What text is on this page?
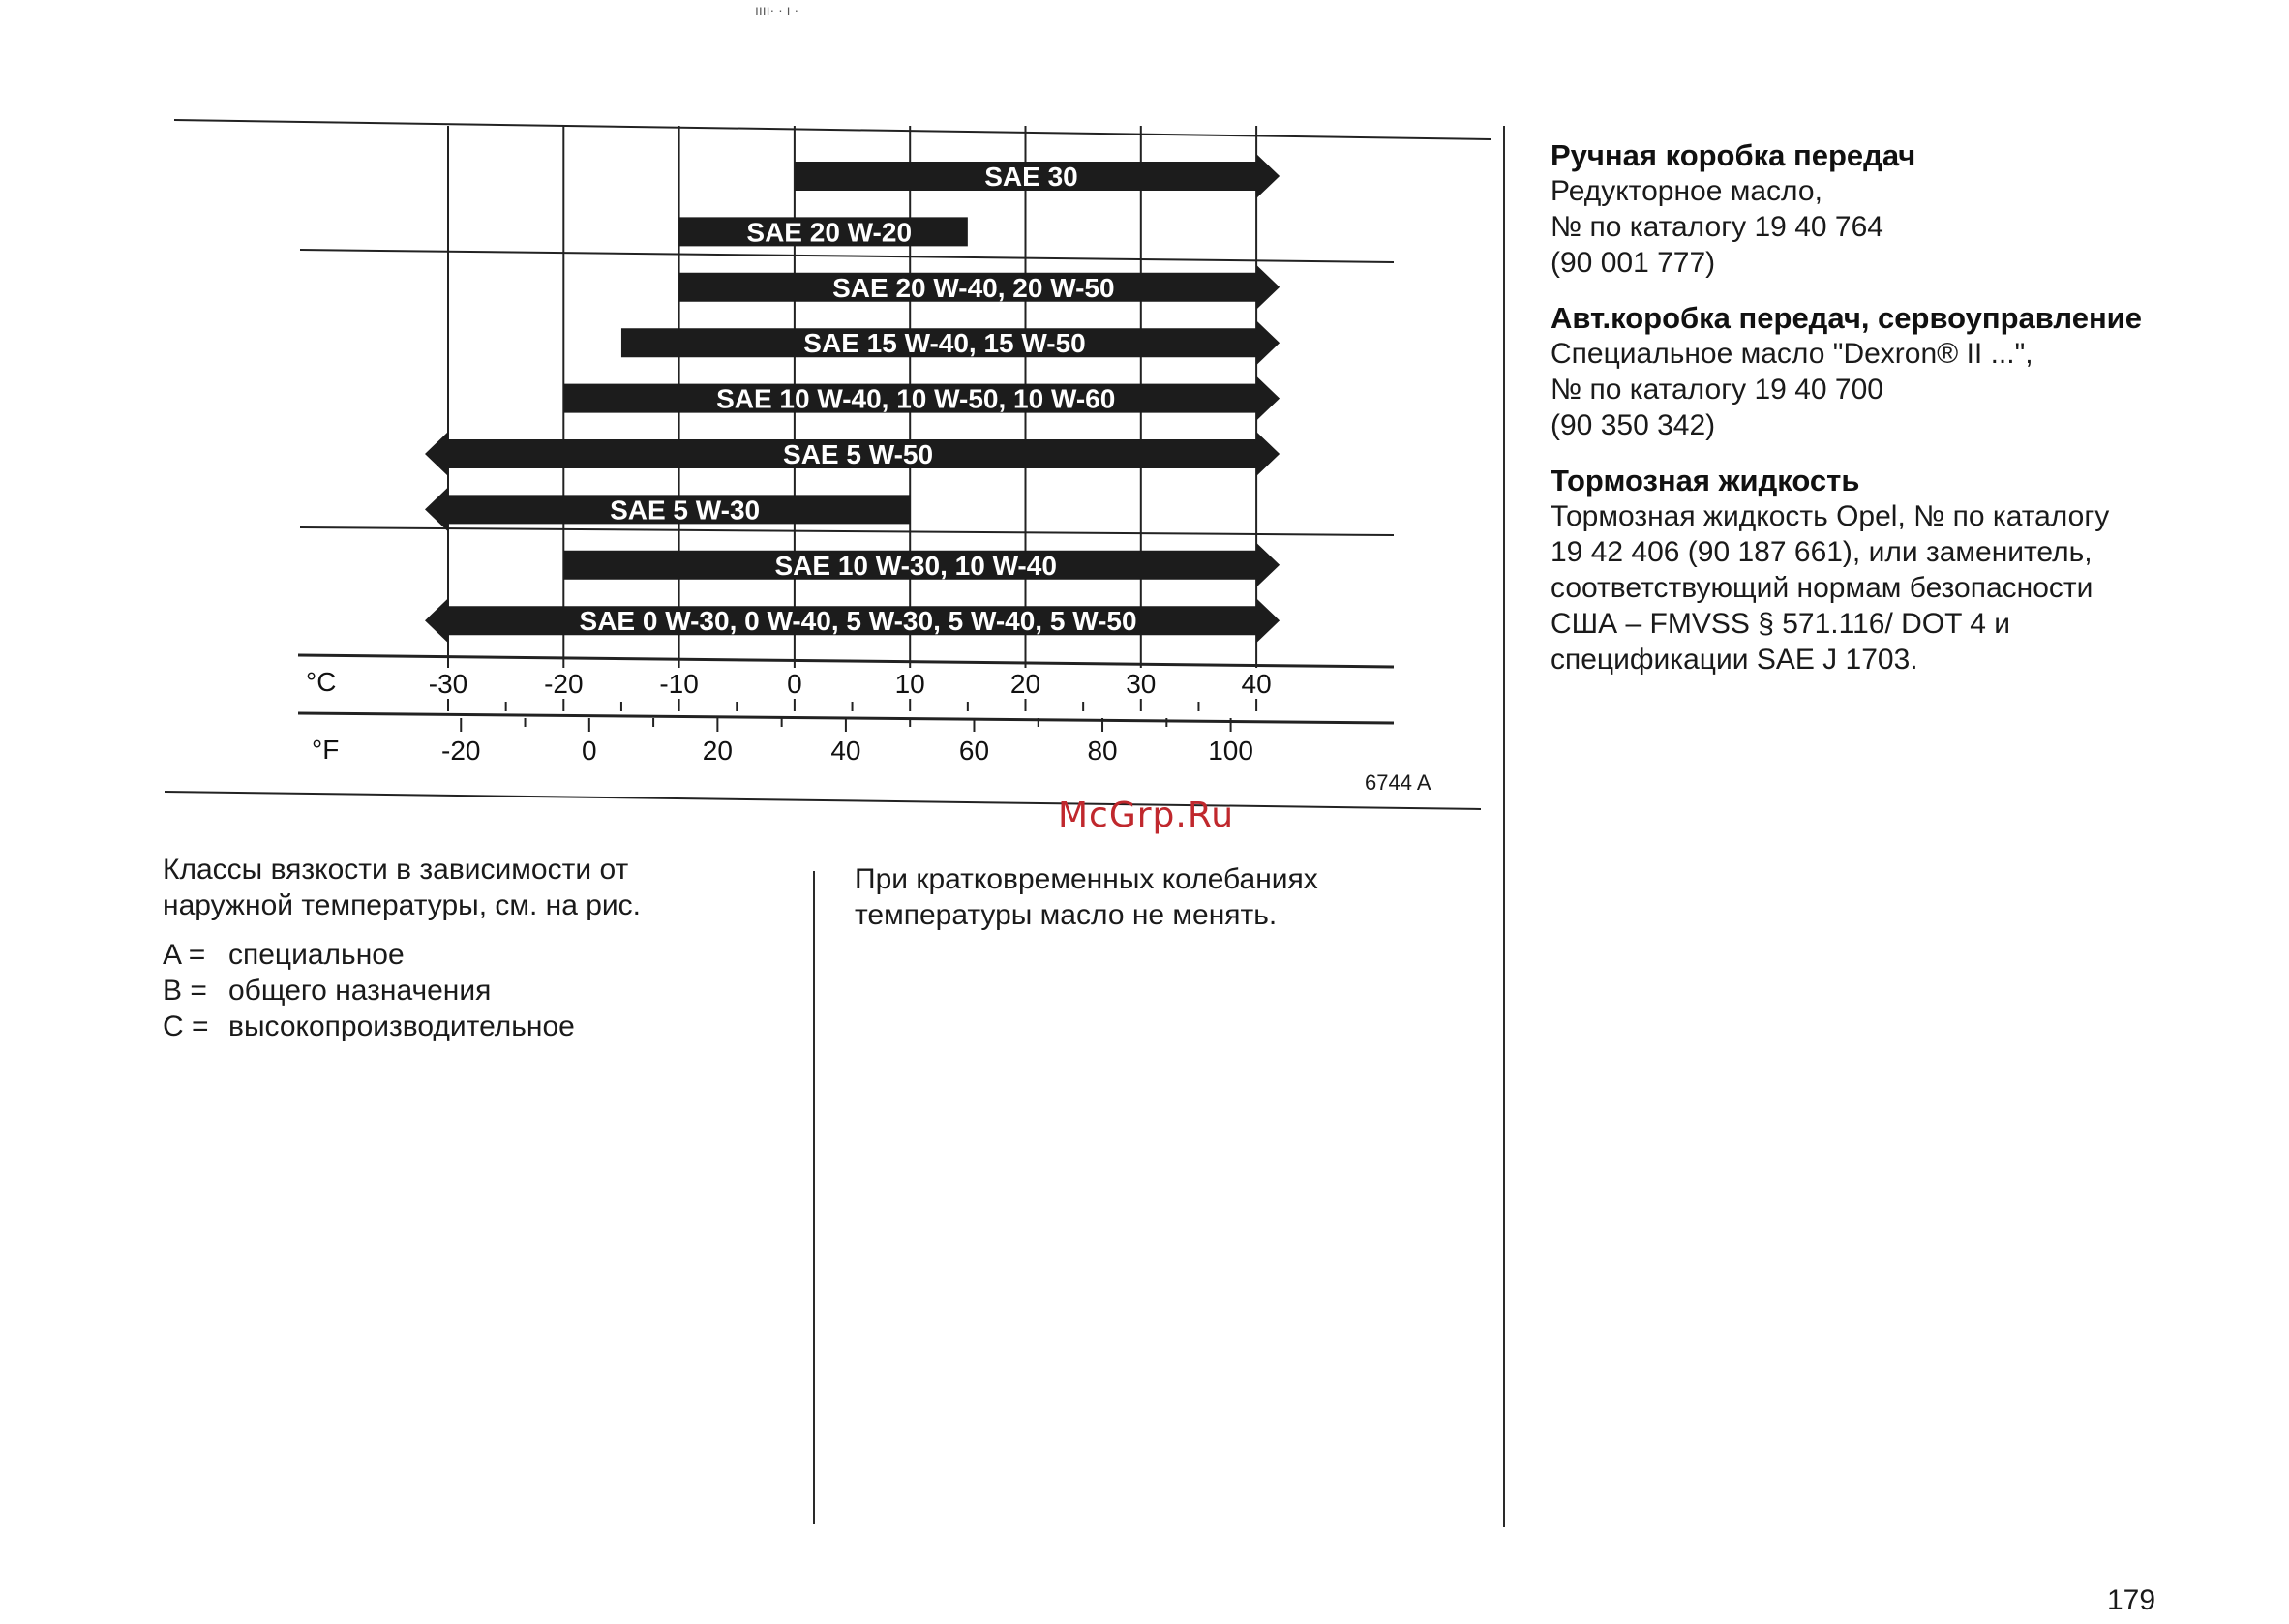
ıııı· · ı ·
SAE 30
SAE 20 W-20
SAE 20 W-40, 20 W-50
SAE 15 W-40, 15 W-50
SAE 10 W-40, 10 W-50, 10 W-60
SAE 5 W-50
SAE 5 W-30
SAE 10 W-30, 10 W-40
SAE 0 W-30, 0 W-40, 5 W-30, 5 W-40, 5 W-50
°C
°F
-30	-20	-10	0	10	20	30	40
-20	0	20	40	60	80	100
6744 A
McGrp.Ru
Классы вязкости в зависимости от
наружной температуры, см. на рис.
A = специальное
B = общего назначения
C = высокопроизводительное
При кратковременных колебаниях
температуры масло не менять.
Ручная коробка передач
Редукторное масло,
№ по каталогу 19 40 764
(90 001 777)
Авт.коробка передач, сервоуправление
Специальное масло "Dexron® II ...",
№ по каталогу 19 40 700
(90 350 342)
Тормозная жидкость
Тормозная жидкость Opel, № по каталогу
19 42 406 (90 187 661), или заменитель,
соответствующий нормам безопасности
США – FMVSS § 571.116/ DOT 4 и
спецификации SAE J 1703.
179
